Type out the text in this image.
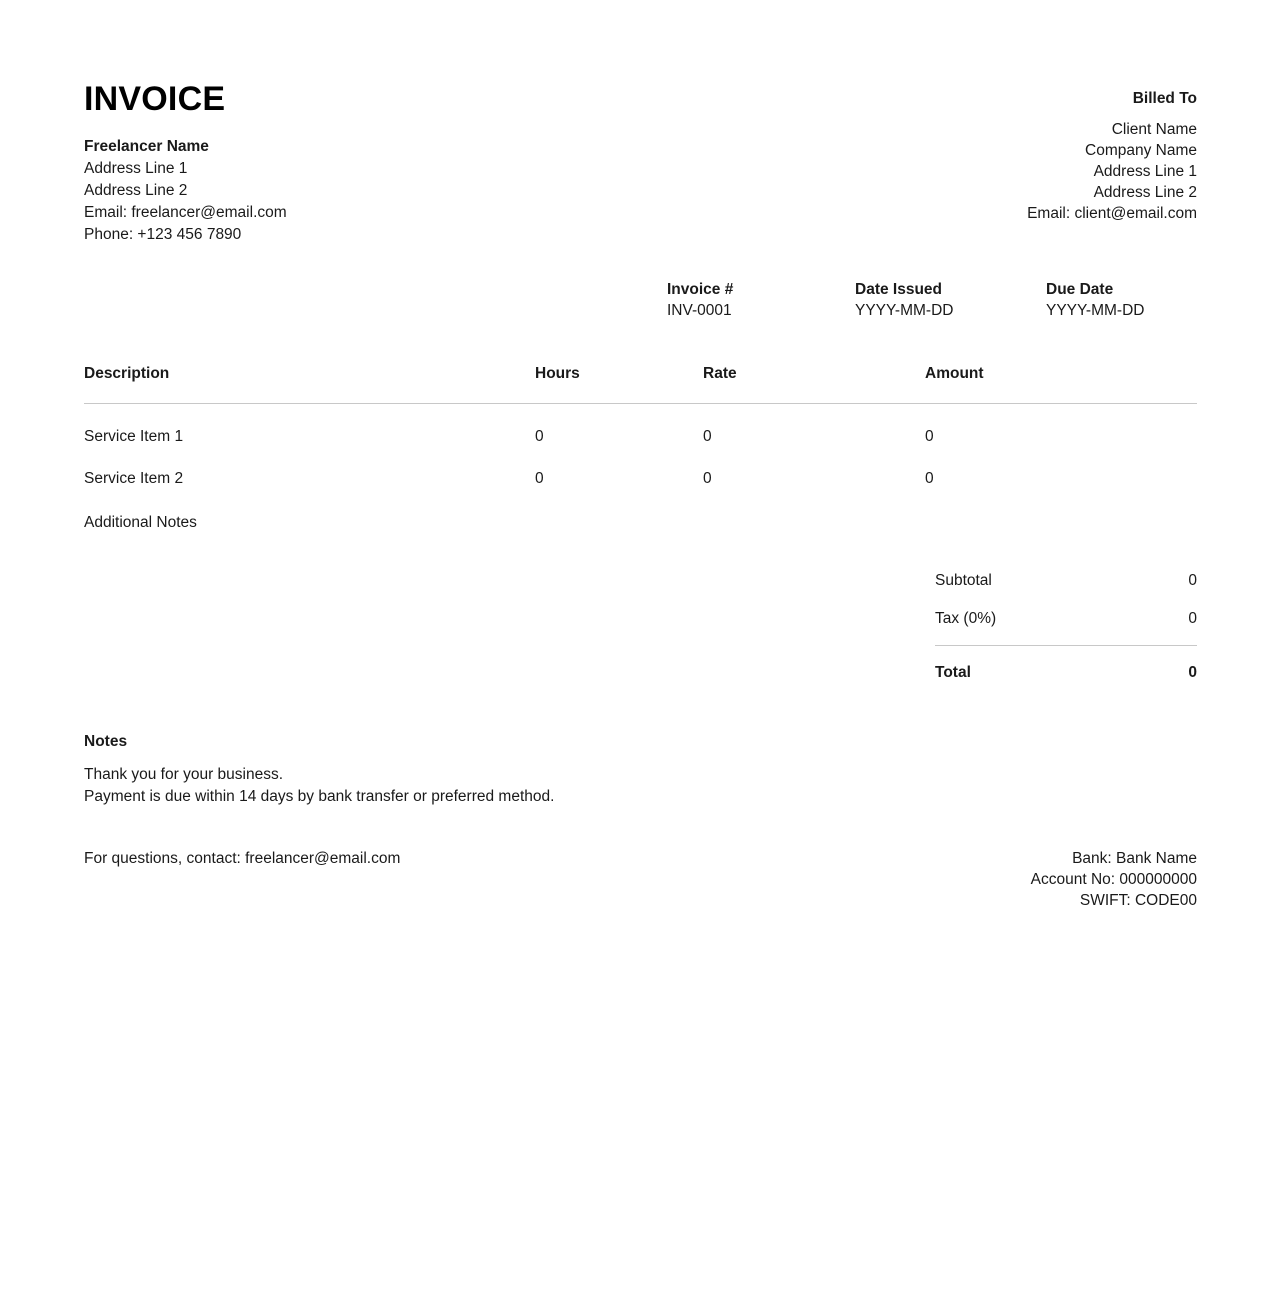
INVOICE

Freelancer Name

Address Line 1

Address Line 2

Email: freelancer@email.com

Phone: +123 456 7890

Billed To

Client Name

Company Name

Address Line 1

Address Line 2

Email: client@email.com

Invoice #

INV-0001

Date Issued

YYYY-MM-DD

Due Date

YYYY-MM-DD

Description	Hours	Rate	Amount
Service Item 1	0	0	0
Service Item 2	0	0	0

Additional Notes

Subtotal	0
Tax (0%)	0
Total	0

Notes

Thank you for your business.

Payment is due within 14 days by bank transfer or preferred method.

For questions, contact: freelancer@email.com	Bank: Bank Name

Account No: 000000000

SWIFT: CODE00
